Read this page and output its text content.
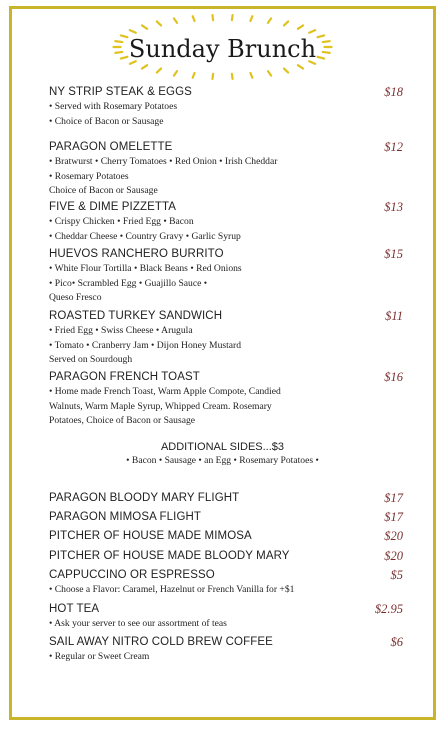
Sunday Brunch
NY STRIP STEAK & EGGS	$18
• Served with Rosemary Potatoes
• Choice of Bacon or Sausage
PARAGON OMELETTE	$12
• Bratwurst • Cherry Tomatoes • Red Onion • Irish Cheddar
• Rosemary Potatoes
Choice of Bacon or Sausage
FIVE & DIME PIZZETTA	$13
• Crispy Chicken • Fried Egg • Bacon
• Cheddar Cheese • Country Gravy • Garlic Syrup
HUEVOS RANCHERO BURRITO	$15
• White Flour Tortilla • Black Beans • Red Onions
• Pico• Scrambled Egg • Guajillo Sauce •
Queso Fresco
ROASTED TURKEY SANDWICH	$11
• Fried Egg • Swiss Cheese • Arugula
• Tomato • Cranberry Jam • Dijon Honey Mustard
Served on Sourdough
PARAGON FRENCH TOAST	$16
• Home made French Toast, Warm Apple Compote, Candied
Walnuts, Warm Maple Syrup, Whipped Cream. Rosemary
Potatoes, Choice of Bacon or Sausage
ADDITIONAL SIDES...$3
• Bacon • Sausage • an Egg • Rosemary Potatoes •
PARAGON BLOODY MARY FLIGHT	$17
PARAGON MIMOSA FLIGHT	$17
PITCHER OF HOUSE MADE MIMOSA	$20
PITCHER OF HOUSE MADE BLOODY MARY	$20
CAPPUCCINO OR ESPRESSO	$5
• Choose a Flavor: Caramel, Hazelnut or French Vanilla for +$1
HOT TEA	$2.95
• Ask your server to see our assortment of teas
SAIL AWAY NITRO COLD BREW COFFEE	$6
• Regular or Sweet Cream
